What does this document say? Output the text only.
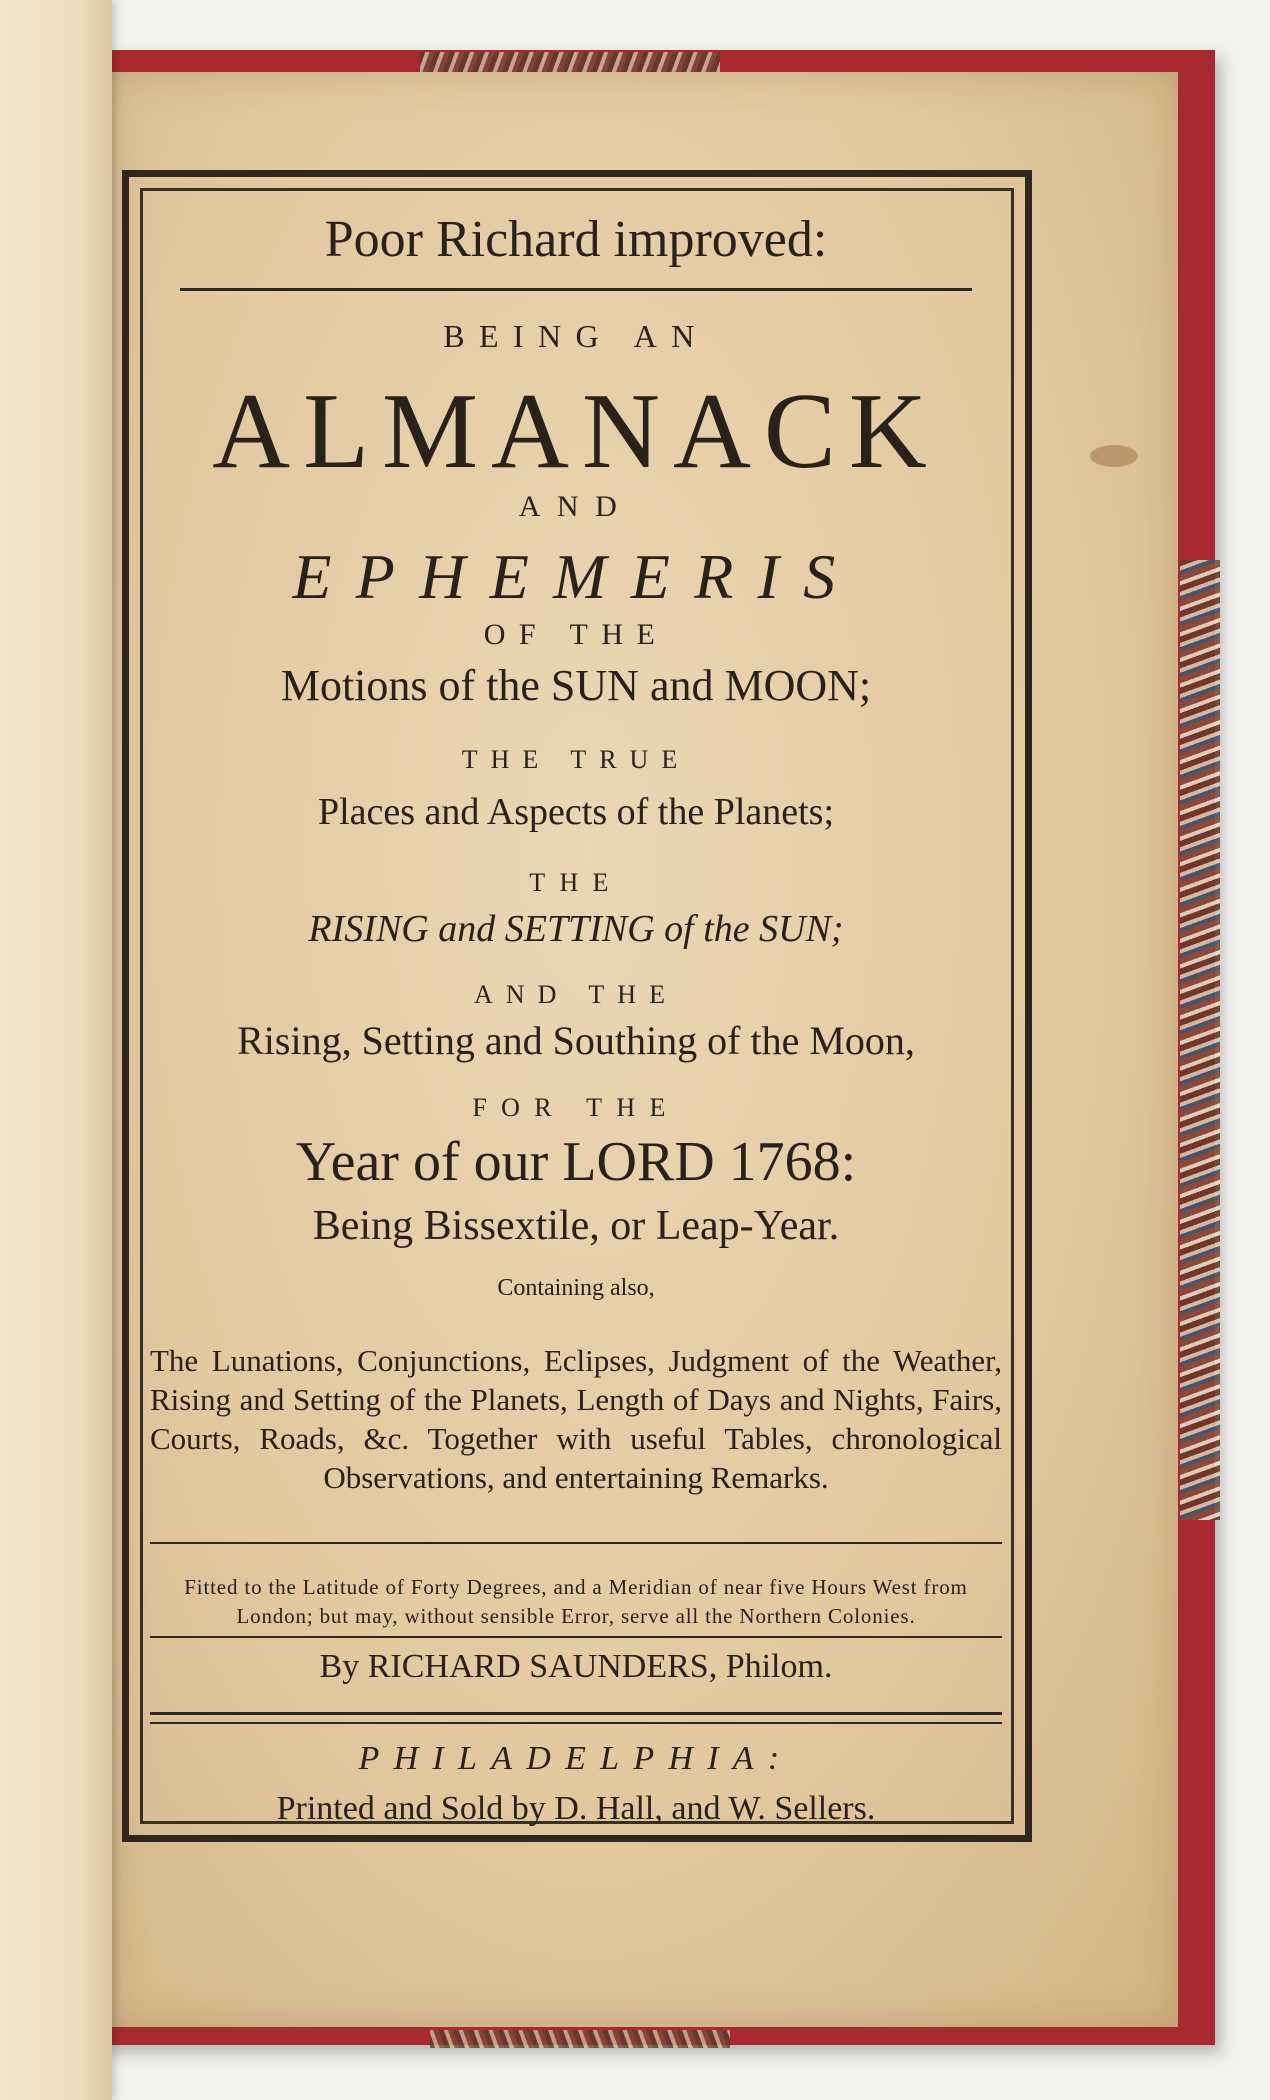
Poor Richard improved:

BEING AN

ALMANACK

AND

EPHEMERIS

OF THE

Motions of the SUN and MOON;

THE TRUE

Places and Aspects of the Planets;

THE

RISING and SETTING of the SUN;

AND THE

Rising, Setting and Southing of the Moon,

FOR THE

Year of our LORD 1768:

Being Bissextile, or Leap-Year.

Containing also,

The Lunations, Conjunctions, Eclipses, Judgment of the Weather, Rising and Setting of the Planets, Length of Days and Nights, Fairs, Courts, Roads, &c. Together with useful Tables, chronological Observations, and entertaining Remarks.

Fitted to the Latitude of Forty Degrees, and a Meridian of near five Hours West from London; but may, without sensible Error, serve all the Northern Colonies.

By RICHARD SAUNDERS, Philom.

PHILADELPHIA:

Printed and Sold by D. Hall, and W. Sellers.
